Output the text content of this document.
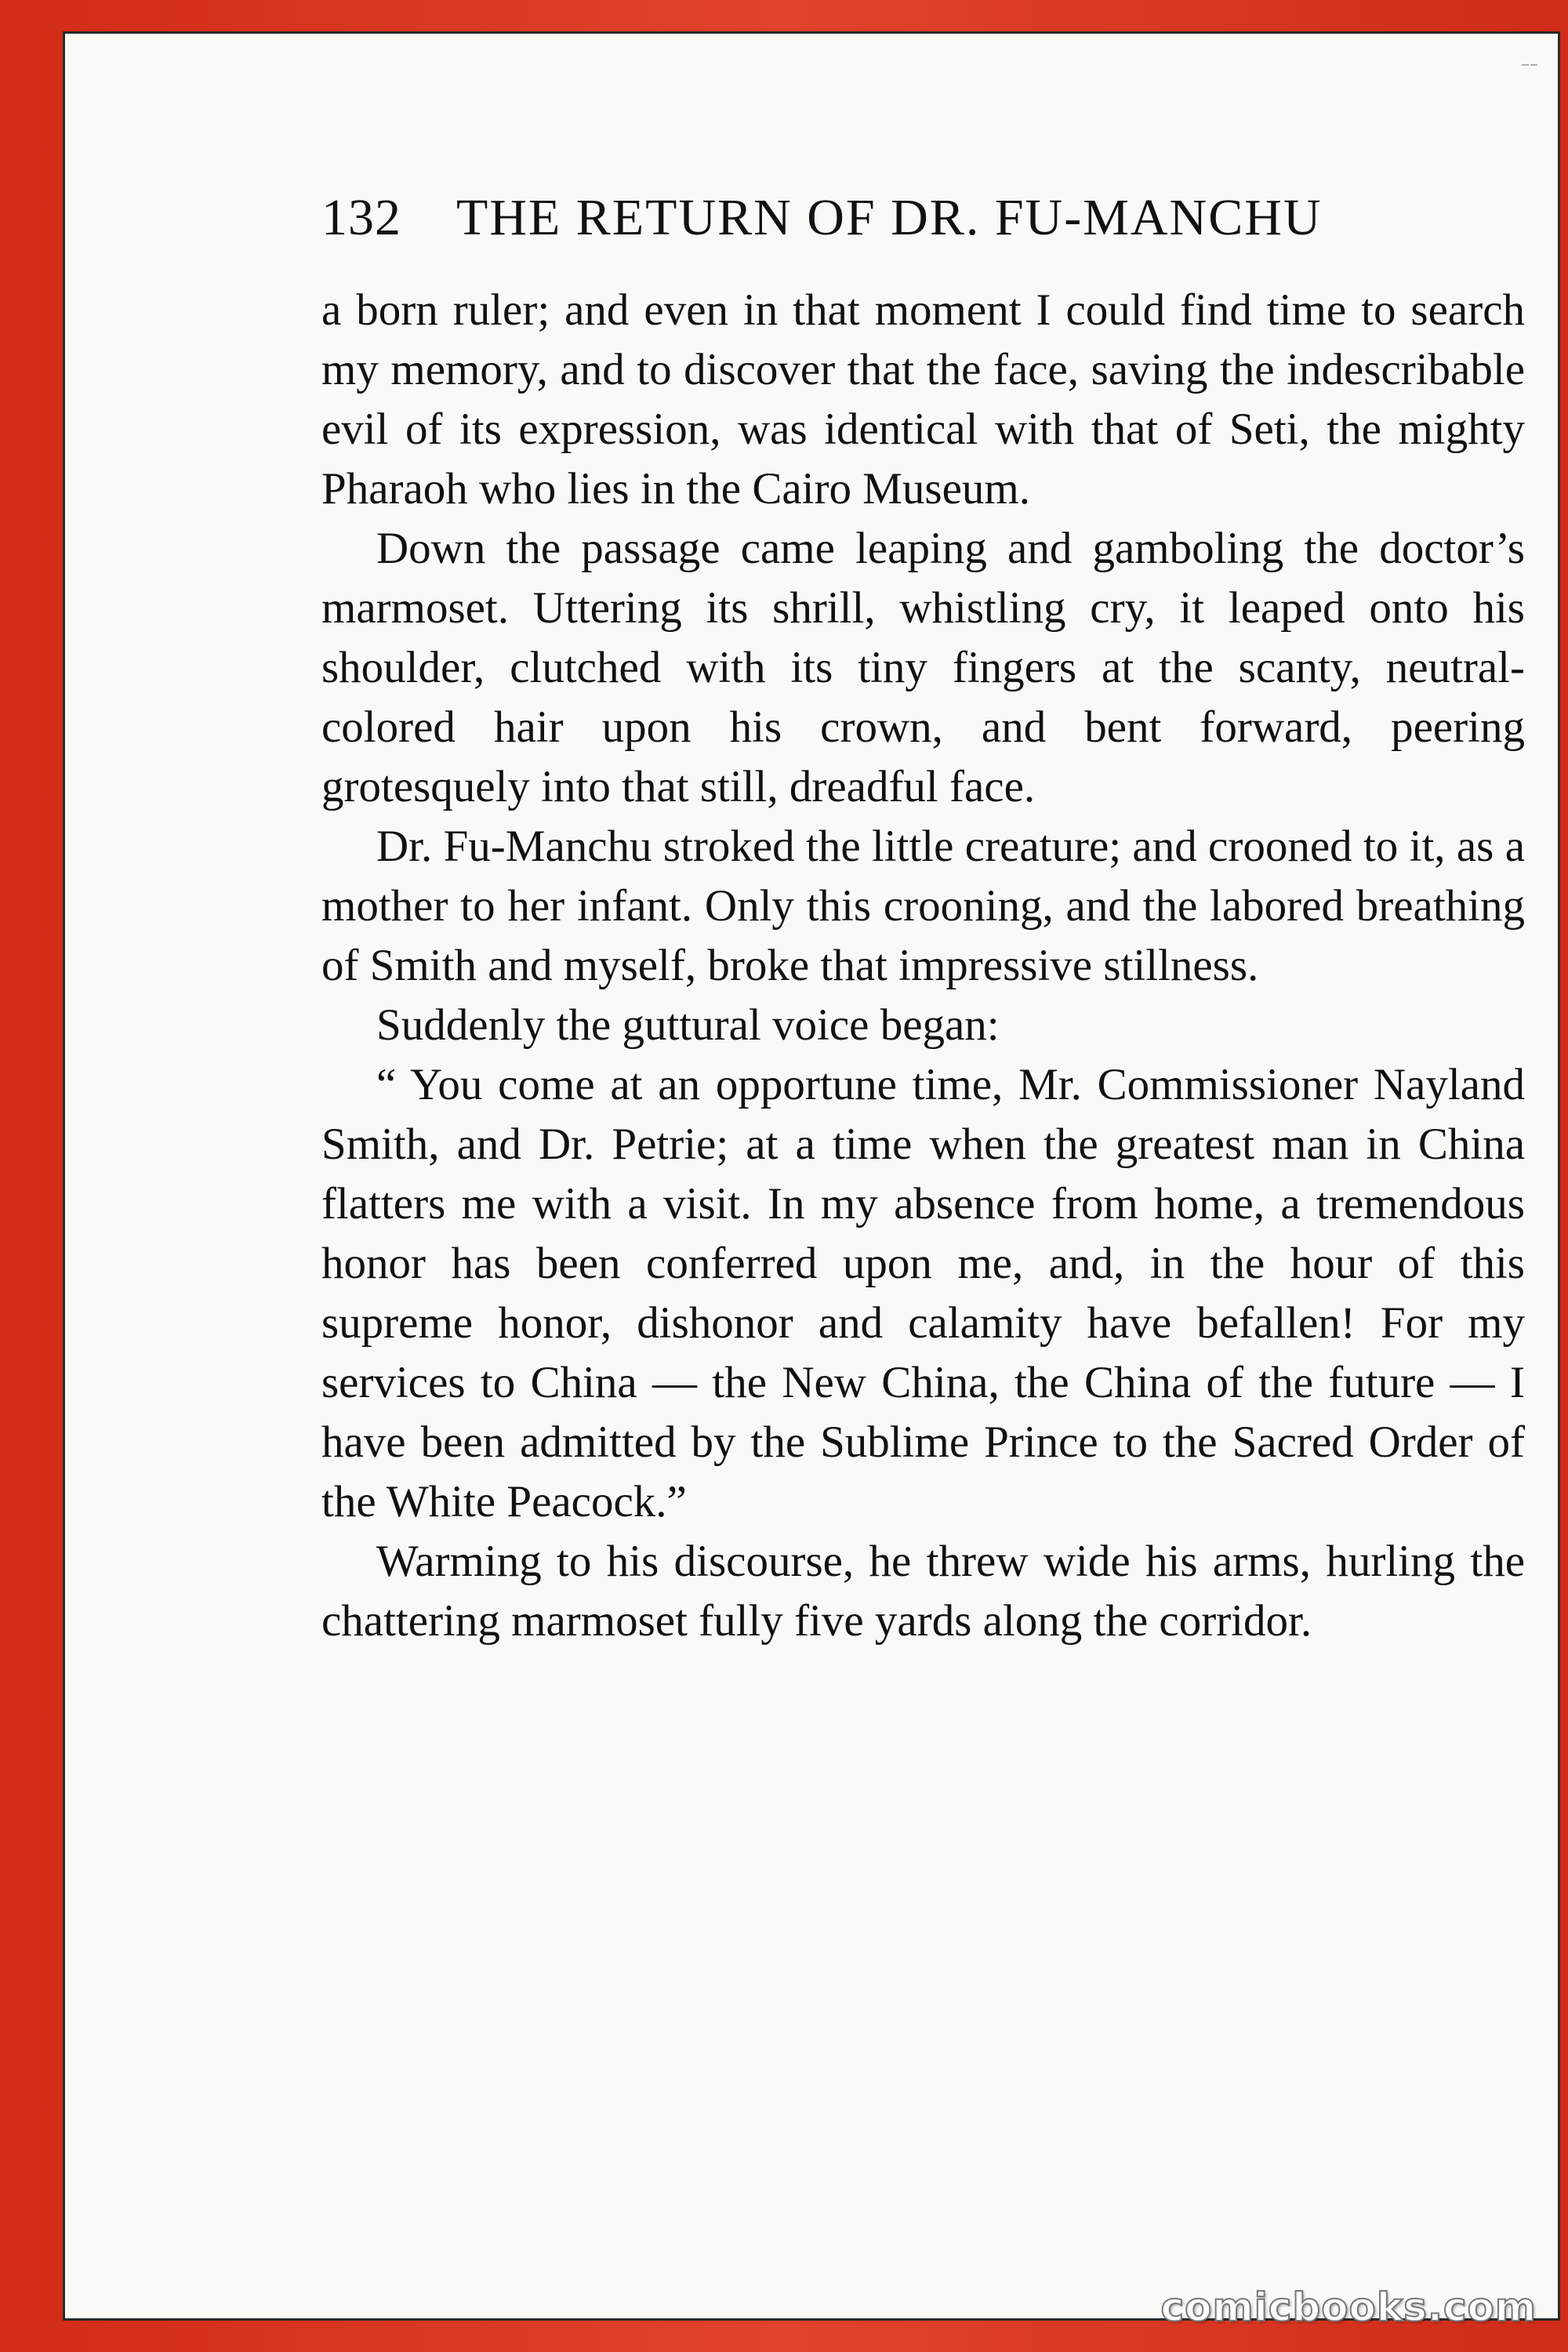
––
132 THE RETURN OF DR. FU-MANCHU

a born ruler; and even in that moment I could find time to search my memory, and to discover that the face, saving the indescribable evil of its expression, was identical with that of Seti, the mighty Pharaoh who lies in the Cairo Museum.

Down the passage came leaping and gamboling the doctor’s marmoset. Uttering its shrill, whistling cry, it leaped onto his shoulder, clutched with its tiny fingers at the scanty, neutral-colored hair upon his crown, and bent forward, peering grotesquely into that still, dreadful face.

Dr. Fu-Manchu stroked the little creature; and crooned to it, as a mother to her infant. Only this crooning, and the labored breathing of Smith and myself, broke that impressive stillness.

Suddenly the guttural voice began:

“ You come at an opportune time, Mr. Commissioner Nayland Smith, and Dr. Petrie; at a time when the greatest man in China flatters me with a visit. In my absence from home, a tremendous honor has been conferred upon me, and, in the hour of this supreme honor, dishonor and calamity have befallen! For my services to China — the New China, the China of the future — I have been admitted by the Sublime Prince to the Sacred Order of the White Peacock.”

Warming to his discourse, he threw wide his arms, hurling the chattering marmoset fully five yards along the corridor.

comicbooks.com
